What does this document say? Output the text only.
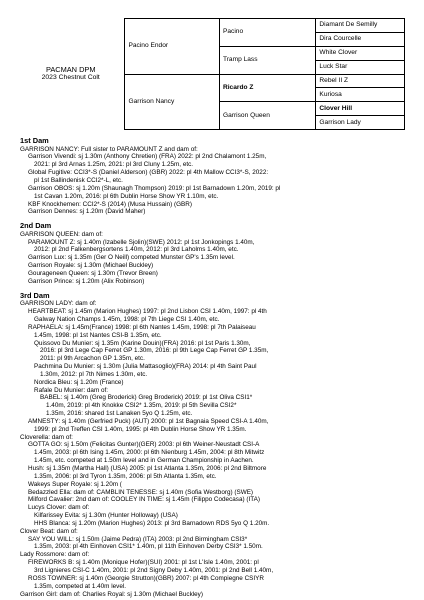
PACMAN DPM
2023 Chestnut Colt	Pacino Endor	Pacino	Diamant De Semilly
			Dira Courcelle
		Tramp Lass	White Clover
			Luck Star
	Garrison Nancy	Ricardo Z	Rebel II Z
			Kuriosa
		Garrison Queen	Clover Hill
			Garrison Lady
1st Dam
GARRISON NANCY: Full sister to PARAMOUNT Z and dam of:
Garrison Vivendi: sj 1.30m (Anthony Chretien) (FRA) 2022: pl 2nd Chalamont 1.25m,
2021: pl 3rd Arnas 1.25m, 2021: pl 3rd Cluny 1.25m, etc.
Global Fugitive: CCI3*-S (Daniel Alderson) (GBR) 2022: pl 4th Mallow CCI3*-S, 2022:
pl 1st Ballindenisk CCI2*-L, etc.
Garrison OBOS: sj 1.20m (Shaunagh Thompson) 2019: pl 1st Barnadown 1.20m, 2019: pl
1st Cavan 1.20m, 2016: pl 6th Dublin Horse Show YR 1.10m, etc.
KBF Knockhemen: CCI2*-S (2014) (Musa Hussain) (GBR)
Garrison Dennes: sj 1.20m (David Maher)
2nd Dam
GARRISON QUEEN: dam of:
PARAMOUNT Z: sj 1.40m (Izabelle Sjolin)(SWE) 2012: pl 1st Jonkopings 1.40m,
2012: pl 2nd Falkenbergsortens 1.40m, 2012: pl 3rd Laholms 1.40m, etc.
Garrison Lux: sj 1.35m (Ger O Neill) competed Munster GP's 1.35m level.
Garrison Royale: sj 1.30m (Michael Buckley)
Gourageneen Queen: sj 1.30m (Trevor Breen)
Garrison Prince: sj 1.20m (Alix Robinson)
3rd Dam
GARRISON LADY: dam of:
HEARTBEAT: sj 1.45m (Marion Hughes) 1997: pl 2nd Lisbon CSI 1.40m, 1997: pl 4th
Galway Nation Champs 1.45m, 1998: pl 7th Liege CSI 1.40m, etc.
RAPHAELA: sj 1.45m(France) 1998: pl 6th Nantes 1.45m, 1998: pl 7th Palaiseau
1.45m, 1998: pl 1st Nantes CSI-B 1.35m, etc.
Quissovo Du Munier: sj 1.35m (Karine Douin)(FRA) 2016: pl 1st Paris 1.30m,
2016: pl 3rd Lege Cap Ferret GP 1.30m, 2016: pl 9th Lege Cap Ferret GP 1.35m,
2011: pl 9th Arcachon GP 1.35m, etc.
Pachmina Du Munier: sj 1.30m (Julia Mattasoglio)(FRA) 2014: pl 4th Saint Paul
1.30m, 2012: pl 7th Nimes 1.30m, etc.
Nordica Bleu: sj 1.20m (France)
Rafale Du Munier: dam of:
BABEL: sj 1.40m (Greg Broderick) Greg Broderick) 2019: pl 1st Oliva CSI1*
1.40m, 2019: pl 4th Knokke CSI2* 1.35m, 2019: pl 5th Sevilla CSI2*
1.35m, 2016: shared 1st Lanaken 5yo Q 1.25m, etc.
AMNESTY: sj 1.40m (Gerfried Puck) (AUT) 2000: pl 1st Bagnaia Speed CSI-A 1.40m,
1999: pl 2nd Treffen CSI 1.40m, 1995: pl 4th Dublin Horse Show YR 1.35m.
Cloverella: dam of:
GOTTA GO: sj 1.50m (Felicitas Gunter)(GER) 2003: pl 6th Weiner-Neustadt CSI-A
1.45m, 2003: pl 6th Ising 1.45m, 2000: pl 6th Nienburg 1.45m, 2004: pl 8th Mitwitz
1.45m, etc. competed at 1.50m level and in German Championship in Aachen.
Hush: sj 1.35m (Martha Hall) (USA) 2005: pl 1st Atlanta 1.35m, 2006: pl 2nd Biltmore
1.35m, 2006: pl 3rd Tyron 1.35m, 2006: pl 5th Atlanta 1.35m, etc.
Wakeys Super Royale: sj 1.20m (
Bedazzled Ella: dam of: CAMBLIN TENESSE: sj 1.40m (Sofia Westborg) (SWE)
Milford Cavalier: 2nd dam of: COOLEY IN TIME: sj 1.45m (Filippo Codecasa) (ITA)
Lucys Clover: dam of:
Kilfarissey Evita: sj 1.30m (Hunter Holloway) (USA)
HHS Blanca: sj 1.20m (Marion Hughes) 2013: pl 3rd Barnadown RDS 5yo Q 1.20m.
Clover Beat: dam of:
SAY YOU WILL: sj 1.50m (Jaime Pedra) (ITA) 2003: pl 2nd Birmingham CSI3*
1.35m, 2003: pl 4th Einhoven CSI1* 1.40m, pl 11th Einhoven Derby CSI3* 1.50m.
Lady Rossmore: dam of:
FIREWORKS B: sj 1.40m (Monique Hofer)(SUI) 2001: pl 1st L'Isle 1.40m, 2001: pl
3rd Lignieres CSI-C 1.40m, 2001: pl 2nd Signy Deby 1.40m, 2001: pl 2nd Bell 1.40m,
ROSS TOWNER: sj 1.40m (Georgie Strutton)(GBR) 2007: pl 4th Compiegne CSIYR
1.35m, competed at 1.40m level.
Garrison Girl: dam of: Charlies Royal: sj 1.30m (Michael Buckley)
